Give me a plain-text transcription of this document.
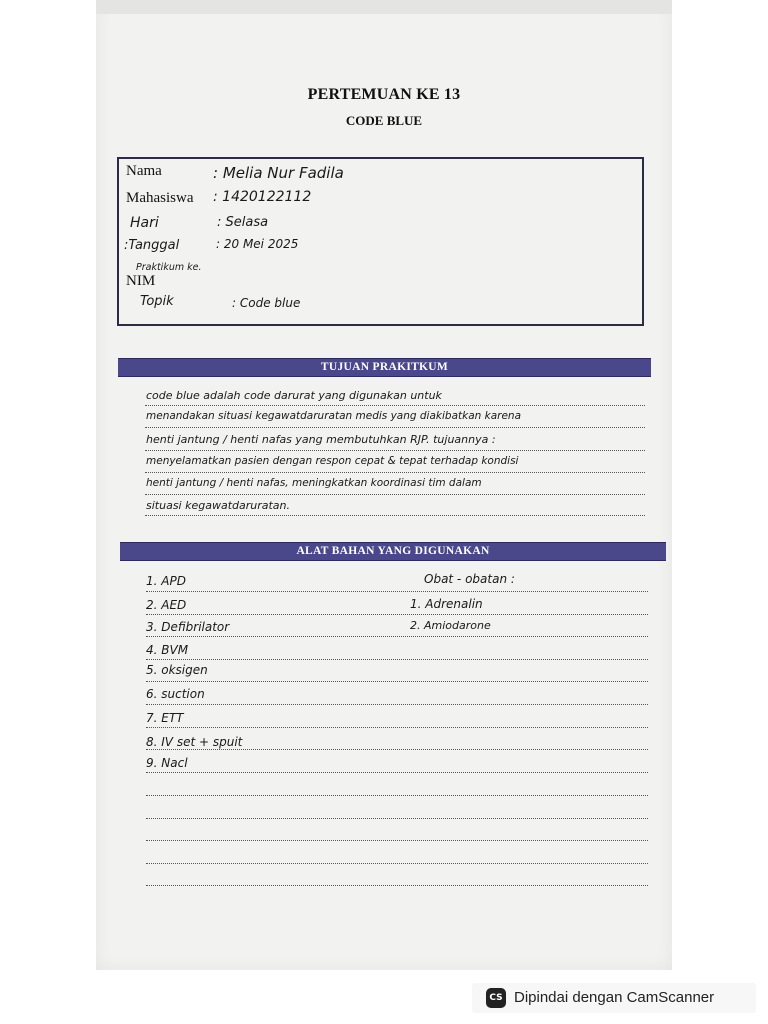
PERTEMUAN KE 13
CODE BLUE
Nama	: Melia Nur Fadila
Mahasiswa : 1420122112
Hari	: Selasa
:Tanggal	: 20 Mei 2025
Praktikum ke.
NIM
Topik	: Code blue
TUJUAN PRAKITKUM
code blue adalah code darurat yang digunakan untuk
menandakan situasi kegawatdaruratan medis yang diakibatkan karena
henti jantung / henti nafas yang membutuhkan RJP. tujuannya :
menyelamatkan pasien dengan respon cepat & tepat terhadap kondisi
henti jantung / henti nafas, meningkatkan koordinasi tim dalam
situasi kegawatdaruratan.
ALAT BAHAN YANG DIGUNAKAN
1. APD
2. AED
3. Defibrilator
4. BVM
5. oksigen
6. suction
7. ETT
8. IV set + spuit
9. Nacl
Obat - obatan :
1. Adrenalin
2. Amiodarone
CS Dipindai dengan CamScanner
